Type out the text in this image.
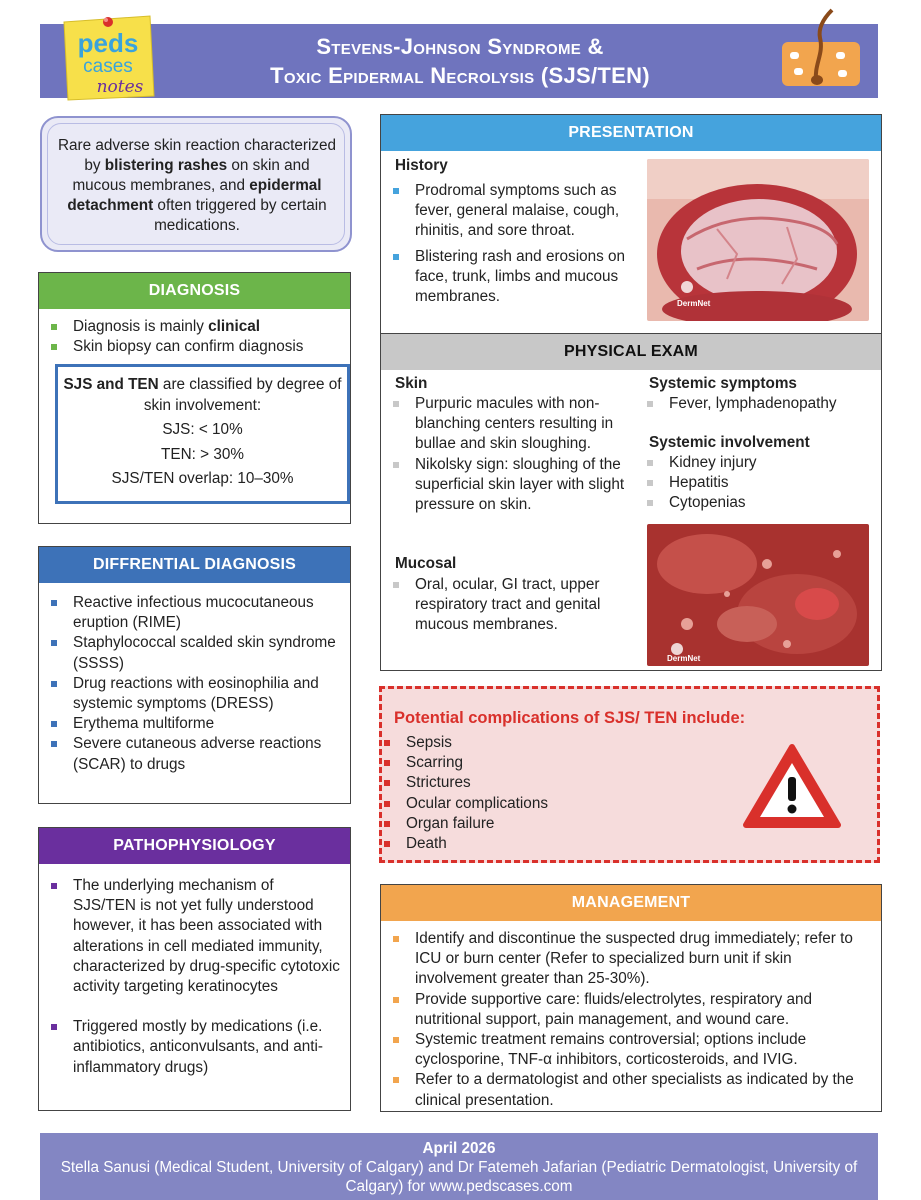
Stevens-Johnson Syndrome &
Toxic Epidermal Necrolysis (SJS/TEN)
peds
cases
notes
Rare adverse skin reaction characterized by blistering rashes on skin and mucous membranes, and epidermal detachment often triggered by certain medications.
DIAGNOSIS
Diagnosis is mainly clinical
Skin biopsy can confirm diagnosis
SJS and TEN are classified by degree of skin involvement:
SJS: < 10%
TEN: > 30%
SJS/TEN overlap: 10–30%
DIFFRENTIAL DIAGNOSIS
Reactive infectious mucocutaneous eruption (RIME)
Staphylococcal scalded skin syndrome (SSSS)
Drug reactions with eosinophilia and systemic symptoms (DRESS)
Erythema multiforme
Severe cutaneous adverse reactions (SCAR) to drugs
PATHOPHYSIOLOGY
The underlying mechanism of SJS/TEN is not yet fully understood however, it has been associated with alterations in cell mediated immunity, characterized by drug-specific cytotoxic activity targeting keratinocytes
Triggered mostly by medications (i.e. antibiotics, anticonvulsants, and anti-inflammatory drugs)
PRESENTATION
History
Prodromal symptoms such as fever, general malaise, cough, rhinitis, and sore throat.
Blistering rash and erosions on face, trunk, limbs and mucous membranes.	DermNet
PHYSICAL EXAM
Skin
Purpuric macules with non-blanching centers resulting in bullae and skin sloughing.
Nikolsky sign: sloughing of the superficial skin layer with slight pressure on skin.
Mucosal
Oral, ocular, GI tract, upper respiratory tract and genital mucous membranes.
Systemic symptoms
Fever, lymphadenopathy
Systemic involvement
Kidney injury
Hepatitis
Cytopenias
DermNet
Potential complications of SJS/ TEN include:
Sepsis
Scarring
Strictures
Ocular complications
Organ failure
Death
MANAGEMENT
Identify and discontinue the suspected drug immediately; refer to ICU or burn center (Refer to specialized burn unit if skin involvement greater than 25-30%).
Provide supportive care: fluids/electrolytes, respiratory and nutritional support, pain management, and wound care.
Systemic treatment remains controversial; options include cyclosporine, TNF-α inhibitors, corticosteroids, and IVIG.
Refer to a dermatologist and other specialists as indicated by the clinical presentation.
April 2026
Stella Sanusi (Medical Student, University of Calgary) and Dr Fatemeh Jafarian (Pediatric Dermatologist, University of Calgary) for www.pedscases.com
